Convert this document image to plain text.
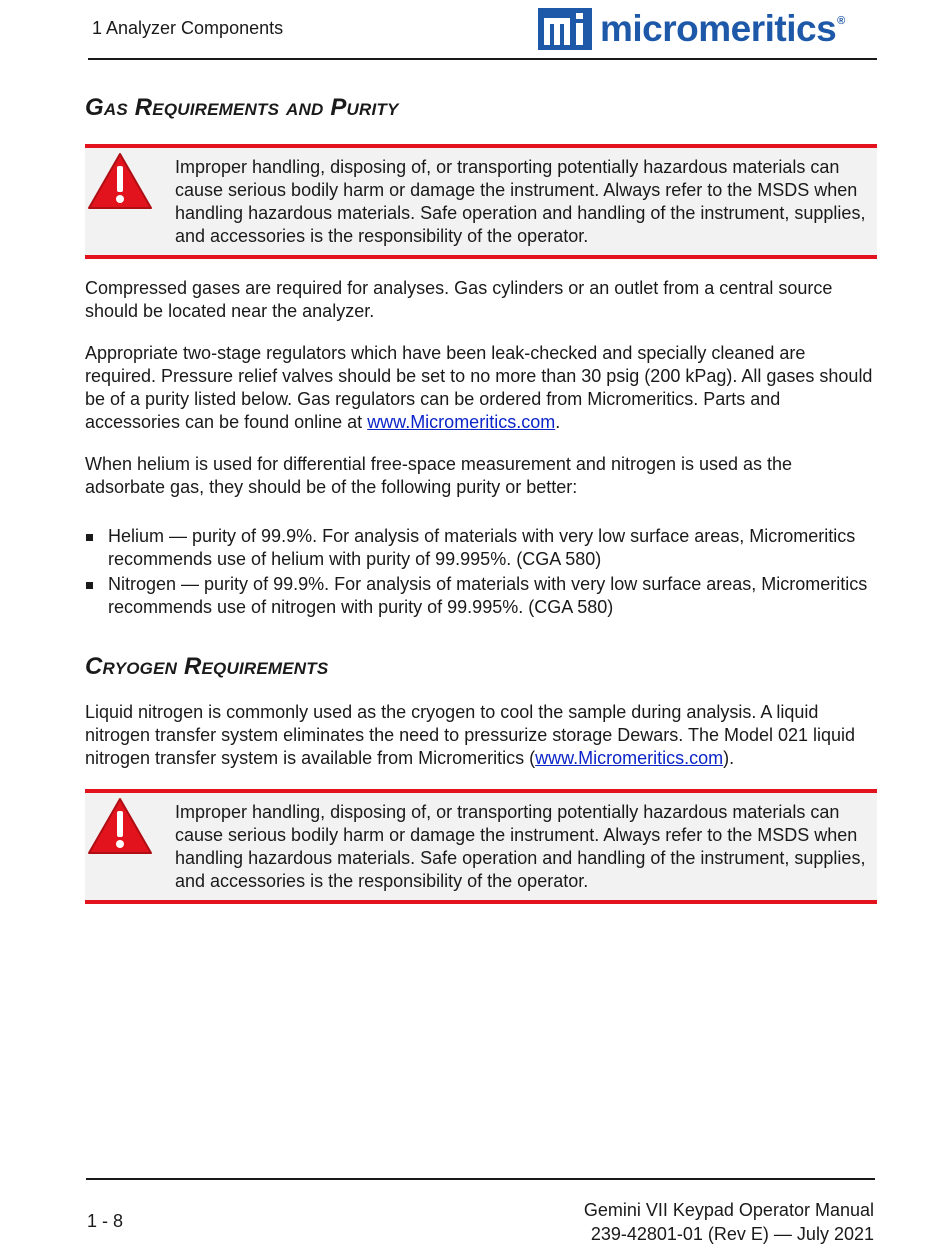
1 Analyzer Components	micromeritics ®
Gas Requirements and Purity

Improper handling, disposing of, or transporting potentially hazardous materials can cause serious bodily harm or damage the instrument. Always refer to the MSDS when handling hazardous materials. Safe operation and handling of the instrument, supplies, and accessories is the responsibility of the operator.

Compressed gases are required for analyses. Gas cylinders or an outlet from a central source should be located near the analyzer.

Appropriate two-stage regulators which have been leak-checked and specially cleaned are required. Pressure relief valves should be set to no more than 30 psig (200 kPag). All gases should be of a purity listed below. Gas regulators can be ordered from Micromeritics. Parts and accessories can be found online at www.Micromeritics.com.

When helium is used for differential free-space measurement and nitrogen is used as the adsorbate gas, they should be of the following purity or better:

Helium — purity of 99.9%. For analysis of materials with very low surface areas, Micromeritics recommends use of helium with purity of 99.995%. (CGA 580)
Nitrogen — purity of 99.9%. For analysis of materials with very low surface areas, Micromeritics recommends use of nitrogen with purity of 99.995%. (CGA 580)
Cryogen Requirements

Liquid nitrogen is commonly used as the cryogen to cool the sample during analysis. A liquid nitrogen transfer system eliminates the need to pressurize storage Dewars. The Model 021 liquid nitrogen transfer system is available from Micromeritics (www.Micromeritics.com).

Improper handling, disposing of, or transporting potentially hazardous materials can cause serious bodily harm or damage the instrument. Always refer to the MSDS when handling hazardous materials. Safe operation and handling of the instrument, supplies, and accessories is the responsibility of the operator.

1 - 8
Gemini VII Keypad Operator Manual
239-42801-01 (Rev E) — July 2021
